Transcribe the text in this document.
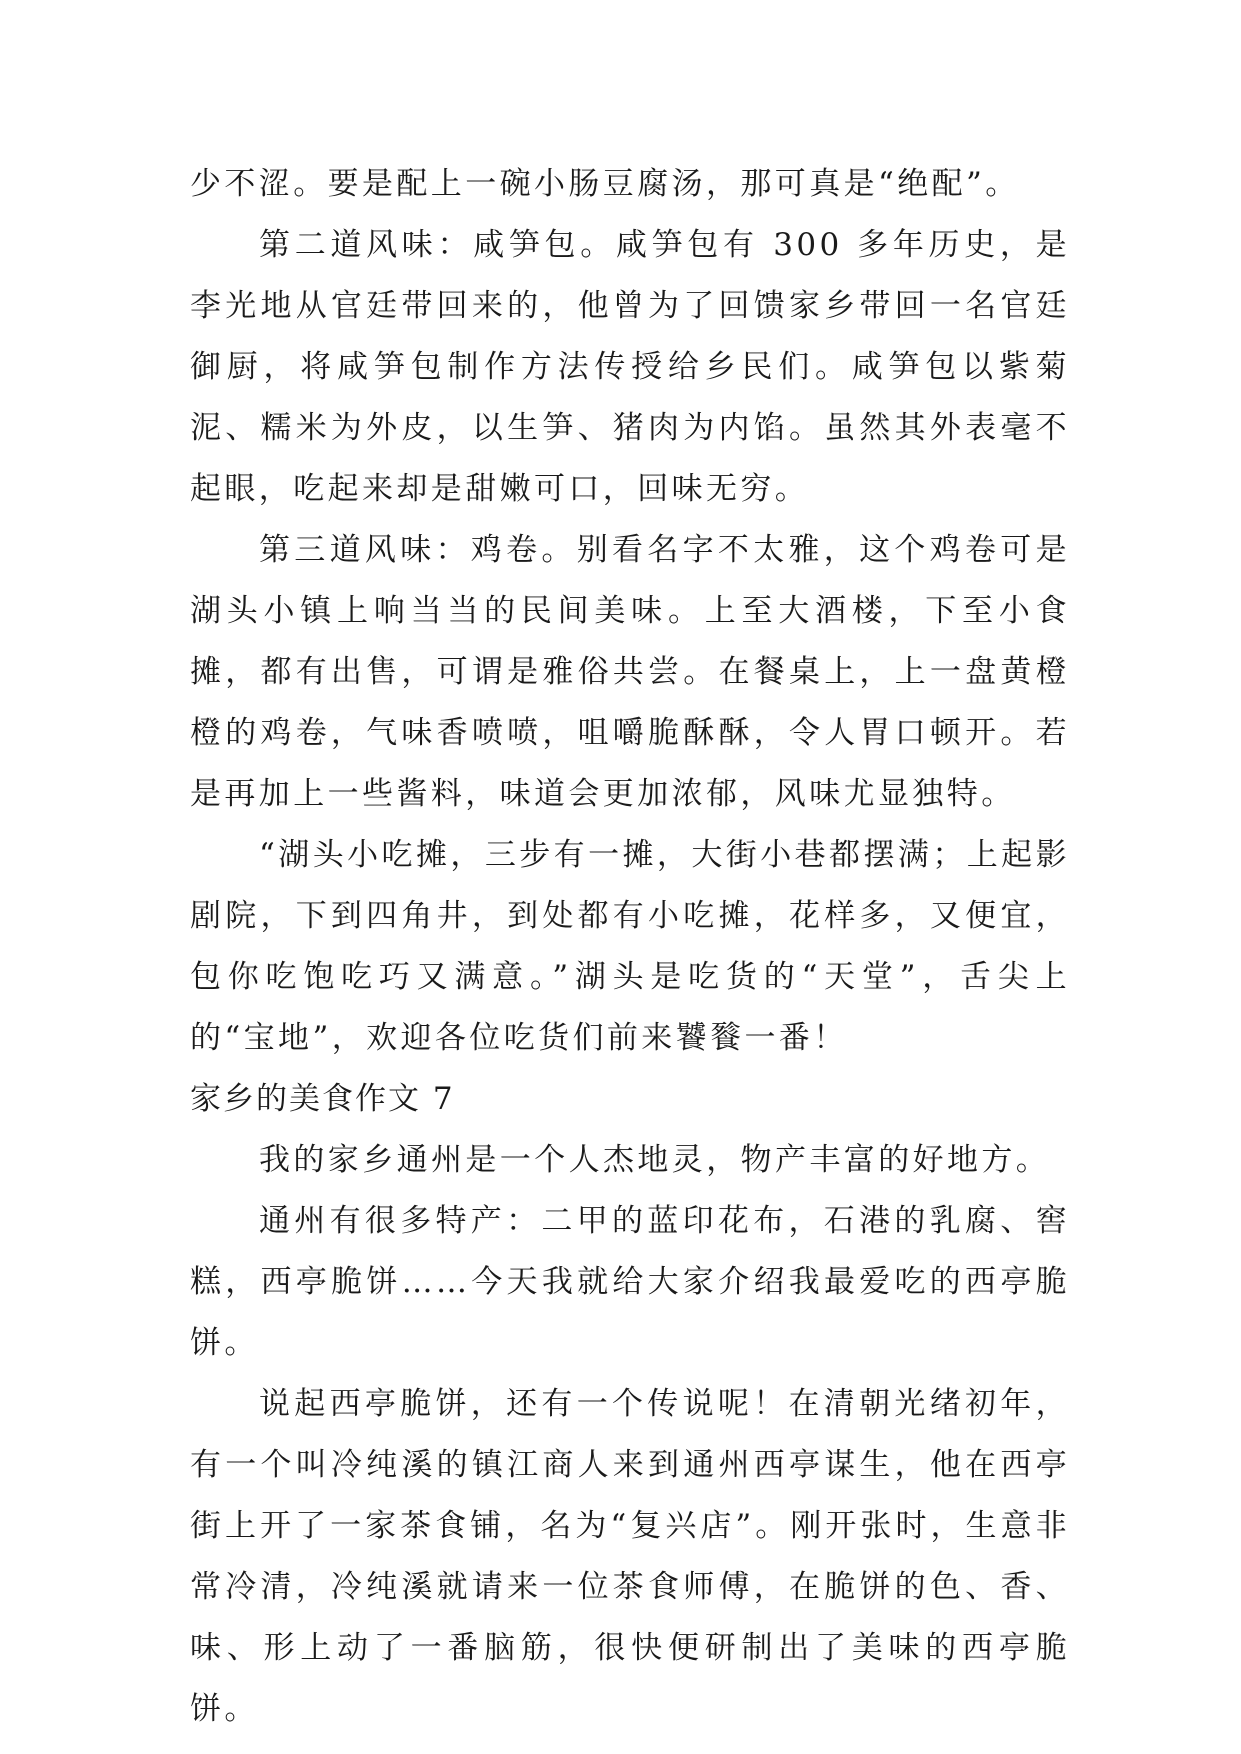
少不涩。要是配上一碗小肠豆腐汤，那可真是“绝配”。

第二道风味：咸笋包。咸笋包有 300 多年历史，是李光地从官廷带回来的，他曾为了回馈家乡带回一名官廷御厨，将咸笋包制作方法传授给乡民们。咸笋包以紫菊泥、糯米为外皮，以生笋、猪肉为内馅。虽然其外表毫不起眼，吃起来却是甜嫩可口，回味无穷。

第三道风味：鸡卷。别看名字不太雅，这个鸡卷可是湖头小镇上响当当的民间美味。上至大酒楼，下至小食摊，都有出售，可谓是雅俗共尝。在餐桌上，上一盘黄橙橙的鸡卷，气味香喷喷，咀嚼脆酥酥，令人胃口顿开。若是再加上一些酱料，味道会更加浓郁，风味尤显独特。

“湖头小吃摊，三步有一摊，大街小巷都摆满；上起影剧院，下到四角井，到处都有小吃摊，花样多，又便宜，包你吃饱吃巧又满意。”湖头是吃货的“天堂”，舌尖上的“宝地”，欢迎各位吃货们前来饕餮一番！

家乡的美食作文 7

我的家乡通州是一个人杰地灵，物产丰富的好地方。

通州有很多特产：二甲的蓝印花布，石港的乳腐、窖糕，西亭脆饼……今天我就给大家介绍我最爱吃的西亭脆饼。

说起西亭脆饼，还有一个传说呢！在清朝光绪初年，有一个叫冷纯溪的镇江商人来到通州西亭谋生，他在西亭街上开了一家茶食铺，名为“复兴店”。刚开张时，生意非常冷清，冷纯溪就请来一位茶食师傅，在脆饼的色、香、味、形上动了一番脑筋，很快便研制出了美味的西亭脆饼。
